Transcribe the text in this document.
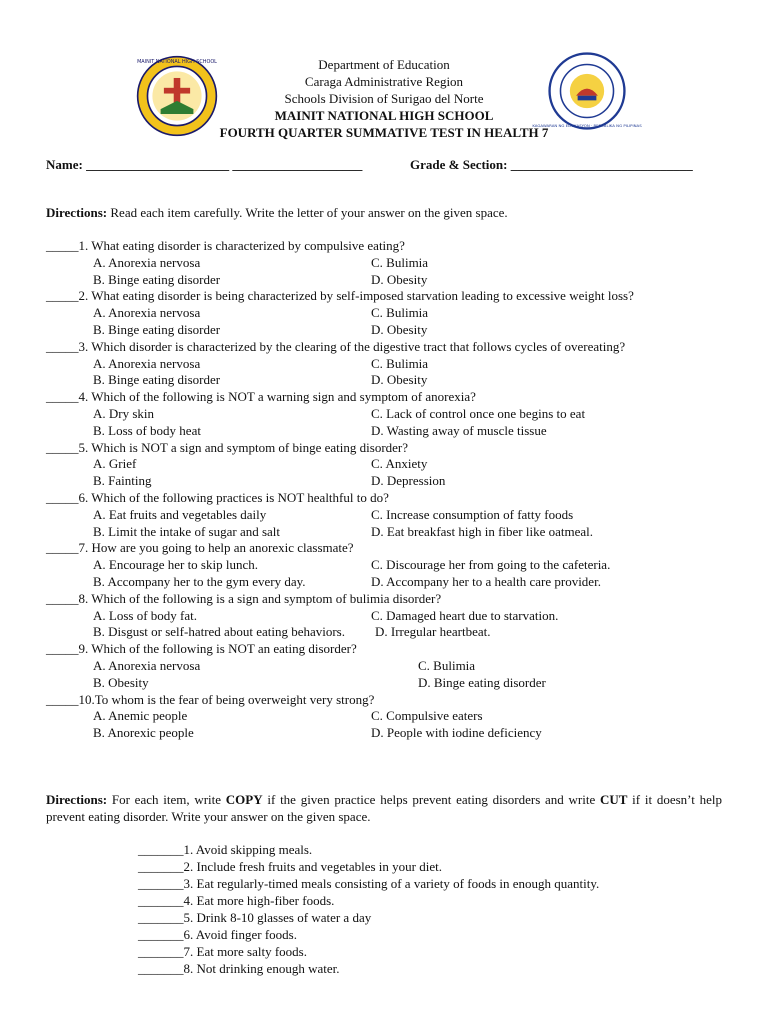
MAINIT NATIONAL HIGH SCHOOL
KAGAWARAN NG EDUKASYON · REPUBLIKA NG PILIPINAS
Department of Education
Caraga Administrative Region
Schools Division of Surigao del Norte
MAINIT NATIONAL HIGH SCHOOL
FOURTH QUARTER SUMMATIVE TEST IN HEALTH 7
Name: ______________________ ____________________	Grade & Section: ____________________________
Directions: Read each item carefully. Write the letter of your answer on the given space.
_____1. What eating disorder is characterized by compulsive eating?
A. Anorexia nervosa	C. Bulimia
B. Binge eating disorder	D. Obesity
_____2. What eating disorder is being characterized by self-imposed starvation leading to excessive weight loss?
A. Anorexia nervosa	C. Bulimia
B. Binge eating disorder	D. Obesity
_____3. Which disorder is characterized by the clearing of the digestive tract that follows cycles of overeating?
A. Anorexia nervosa	C. Bulimia
B. Binge eating disorder	D. Obesity
_____4. Which of the following is NOT a warning sign and symptom of anorexia?
A. Dry skin	C. Lack of control once one begins to eat
B. Loss of body heat	D. Wasting away of muscle tissue
_____5. Which is NOT a sign and symptom of binge eating disorder?
A. Grief	C. Anxiety
B. Fainting	D. Depression
_____6. Which of the following practices is NOT healthful to do?
A. Eat fruits and vegetables daily	C. Increase consumption of fatty foods
B. Limit the intake of sugar and salt	D. Eat breakfast high in fiber like oatmeal.
_____7. How are you going to help an anorexic classmate?
A. Encourage her to skip lunch.	C. Discourage her from going to the cafeteria.
B. Accompany her to the gym every day.	D. Accompany her to a health care provider.
_____8. Which of the following is a sign and symptom of bulimia disorder?
A. Loss of body fat.	C. Damaged heart due to starvation.
B. Disgust or self-hatred about eating behaviors. D. Irregular heartbeat.
_____9. Which of the following is NOT an eating disorder?
A. Anorexia nervosa	C. Bulimia
B. Obesity	D. Binge eating disorder
_____10.To whom is the fear of being overweight very strong?
A. Anemic people	C. Compulsive eaters
B. Anorexic people	D. People with iodine deficiency
Directions: For each item, write COPY if the given practice helps prevent eating disorders and write CUT if it doesn’t help prevent eating disorder. Write your answer on the given space.
_______1. Avoid skipping meals.
_______2. Include fresh fruits and vegetables in your diet.
_______3. Eat regularly-timed meals consisting of a variety of foods in enough quantity.
_______4. Eat more high-fiber foods.
_______5. Drink 8-10 glasses of water a day
_______6. Avoid finger foods.
_______7. Eat more salty foods.
_______8. Not drinking enough water.
